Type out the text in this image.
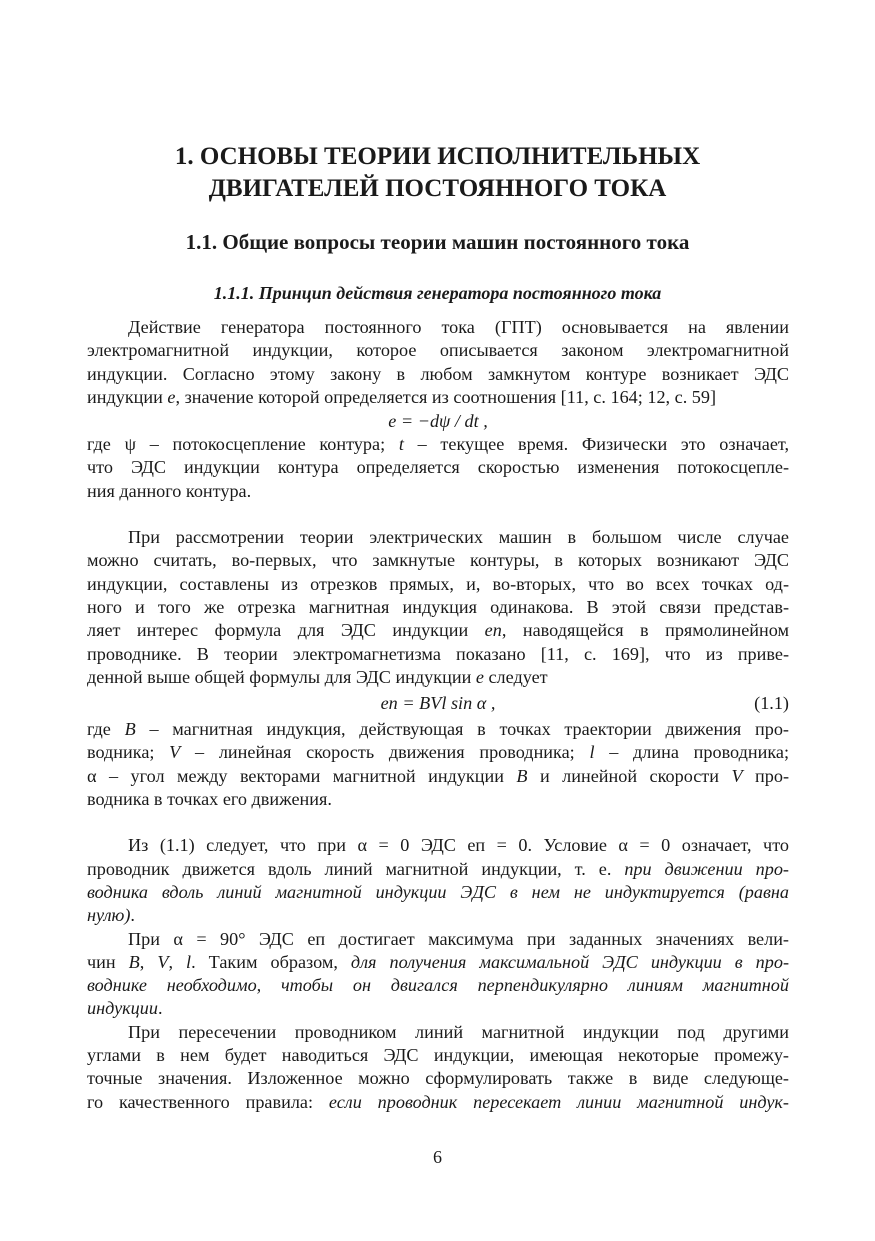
1. ОСНОВЫ ТЕОРИИ ИСПОЛНИТЕЛЬНЫХ
ДВИГАТЕЛЕЙ ПОСТОЯННОГО ТОКА
1.1. Общие вопросы теории машин постоянного тока
1.1.1. Принцип действия генератора постоянного тока
Действие генератора постоянного тока (ГПТ) основывается на явлении
электромагнитной индукции, которое описывается законом электромагнитной
индукции. Согласно этому закону в любом замкнутом контуре возникает ЭДС
индукции e, значение которой определяется из соотношения [11, с. 164; 12, с. 59]
e = −dψ / dt ,
где ψ – потокосцепление контура; t – текущее время. Физически это означает,
что ЭДС индукции контура определяется скоростью изменения потокосцепле-
ния данного контура.
При рассмотрении теории электрических машин в большом числе случае
можно считать, во-первых, что замкнутые контуры, в которых возникают ЭДС
индукции, составлены из отрезков прямых, и, во-вторых, что во всех точках од-
ного и того же отрезка магнитная индукция одинакова. В этой связи представ-
ляет интерес формула для ЭДС индукции eп, наводящейся в прямолинейном
проводнике. В теории электромагнетизма показано [11, с. 169], что из приве-
денной выше общей формулы для ЭДС индукции e следует
eп = BVl sin α ,	(1.1)
где B – магнитная индукция, действующая в точках траектории движения про-
водника; V – линейная скорость движения проводника; l – длина проводника;
α – угол между векторами магнитной индукции B и линейной скорости V про-
водника в точках его движения.
Из (1.1) следует, что при α = 0 ЭДС eп = 0. Условие α = 0 означает, что
проводник движется вдоль линий магнитной индукции, т. е. при движении про-
водника вдоль линий магнитной индукции ЭДС в нем не индуктируется (равна
нулю).
При α = 90° ЭДС eп достигает максимума при заданных значениях вели-
чин B, V, l. Таким образом, для получения максимальной ЭДС индукции в про-
воднике необходимо, чтобы он двигался перпендикулярно линиям магнитной
индукции.
При пересечении проводником линий магнитной индукции под другими
углами в нем будет наводиться ЭДС индукции, имеющая некоторые промежу-
точные значения. Изложенное можно сформулировать также в виде следующе-
го качественного правила: если проводник пересекает линии магнитной индук-
6
